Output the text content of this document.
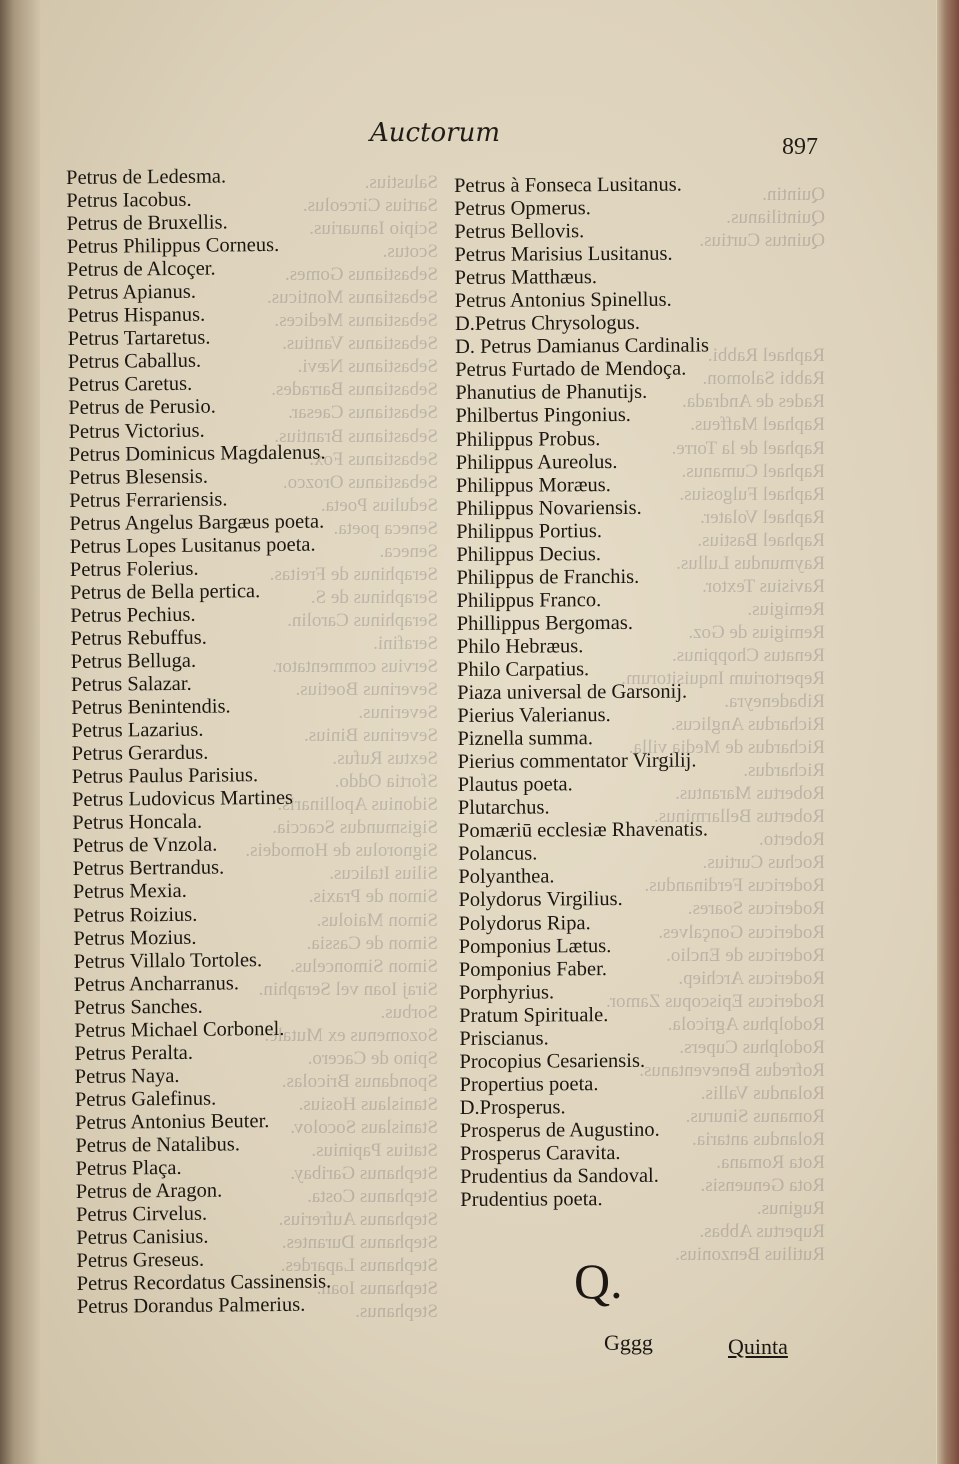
Salustius.
Sartius Circeolus.
Scipio Ianuarius.
Scotus.
Sebastianus Gomes.
Sebastianus Monticus.
Sebastianus Medices.
Sebastianus Vantius.
Sebastianus Nævi.
Sebastianus Barrades.
Sebastianus Caesar.
Sebastianus Brantius.
Sebastianus Fox.
Sebastianus Orozco.
Sedulius Poeta.
Seneca poeta.
Seneca.
Seraphinus de Freitas.
Seraphinus de S.
Seraphinus Carolin.
Serafini.
Servius commentator.
Severinus Boetius.
Severinus.
Severinus Binius.
Sextus Rufus.
Sfortia Oddo.
Sidonius Apollinaris.
Sigismundus Scaccia.
Signorolus de Homodeis.
Silius Italicus.
Simon de Praxis.
Simon Maiolus.
Simon de Cassia.
Simon Simoncelus.
Siraj Ioan vel Seraphin.
Sorbus.
Sozomenus ex Mutale.
Spino de Cacero.
Spondanus Bricolas.
Stanislaus Hosius.
Stanislaus Socolov.
Statius Papinius.
Stephanus Garibay.
Stephanus Costa.
Stephanus Aufrerius.
Stephanus Durantes.
Stephanus Lapardes.
Stephanus Ioan.
Stephanus.
Quintin.
Quintilianus.
Quintus Curtius.
Raphael Rabbi.
Rabbi Salomon.
Rades de Andrada.
Raphael Maffeus.
Raphael de la Torre.
Raphael Cumanus.
Raphael Fulgosius.
Raphael Volater.
Raphael Bastius.
Raymundus Lullus.
Ravisius Textor.
Remigius.
Remigius de Goz.
Renatus Choppinus.
Repertorium Inquisitorum.
Ribadeneyra.
Richardus Anglicus.
Richardus de Media villa.
Richardus.
Robertus Marantus.
Robertus Bellarminus.
Roberto.
Rochus Curtius.
Rodericus Ferdinandus.
Rodericus Soares.
Rodericus Gonçalves.
Rodericus de Enclio.
Rodericus Archiep.
Rodericus Episcopus Zamor.
Rodolphus Agricola.
Rodolphus Cupers.
Rofredus Beneventanus.
Rolandus Vallis.
Romanus Sinurus.
Rolandus antaria.
Rota Romana.
Rota Genuensis.
Ruginus.
Rupertus Abbas.
Rutilius Benzonius.
Auctorum	897
Petrus de Ledesma.
Petrus Iacobus.
Petrus de Bruxellis.
Petrus Philippus Corneus.
Petrus de Alcoçer.
Petrus Apianus.
Petrus Hispanus.
Petrus Tartaretus.
Petrus Caballus.
Petrus Caretus.
Petrus de Perusio.
Petrus Victorius.
Petrus Dominicus Magdalenus.
Petrus Blesensis.
Petrus Ferrariensis.
Petrus Angelus Bargæus poeta.
Petrus Lopes Lusitanus poeta.
Petrus Folerius.
Petrus de Bella pertica.
Petrus Pechius.
Petrus Rebuffus.
Petrus Belluga.
Petrus Salazar.
Petrus Benintendis.
Petrus Lazarius.
Petrus Gerardus.
Petrus Paulus Parisius.
Petrus Ludovicus Martines
Petrus Honcala.
Petrus de Vnzola.
Petrus Bertrandus.
Petrus Mexia.
Petrus Roizius.
Petrus Mozius.
Petrus Villalo Tortoles.
Petrus Ancharranus.
Petrus Sanches.
Petrus Michael Corbonel.
Petrus Peralta.
Petrus Naya.
Petrus Galefinus.
Petrus Antonius Beuter.
Petrus de Natalibus.
Petrus Plaça.
Petrus de Aragon.
Petrus Cirvelus.
Petrus Canisius.
Petrus Greseus.
Petrus Recordatus Cassinensis.
Petrus Dorandus Palmerius.
Petrus à Fonseca Lusitanus.
Petrus Opmerus.
Petrus Bellovis.
Petrus Marisius Lusitanus.
Petrus Matthæus.
Petrus Antonius Spinellus.
D.Petrus Chrysologus.
D. Petrus Damianus Cardinalis
Petrus Furtado de Mendoça.
Phanutius de Phanutijs.
Philbertus Pingonius.
Philippus Probus.
Philippus Aureolus.
Philippus Moræus.
Philippus Novariensis.
Philippus Portius.
Philippus Decius.
Philippus de Franchis.
Philippus Franco.
Phillippus Bergomas.
Philo Hebræus.
Philo Carpatius.
Piaza universal de Garsonij.
Pierius Valerianus.
Piznella summa.
Pierius commentator Virgilij.
Plautus poeta.
Plutarchus.
Pomæriū ecclesiæ Rhavenatis.
Polancus.
Polyanthea.
Polydorus Virgilius.
Polydorus Ripa.
Pomponius Lætus.
Pomponius Faber.
Porphyrius.
Pratum Spirituale.
Priscianus.
Procopius Cesariensis.
Propertius poeta.
D.Prosperus.
Prosperus de Augustino.
Prosperus Caravita.
Prudentius da Sandoval.
Prudentius poeta.
Q.
Gggg	Quinta
